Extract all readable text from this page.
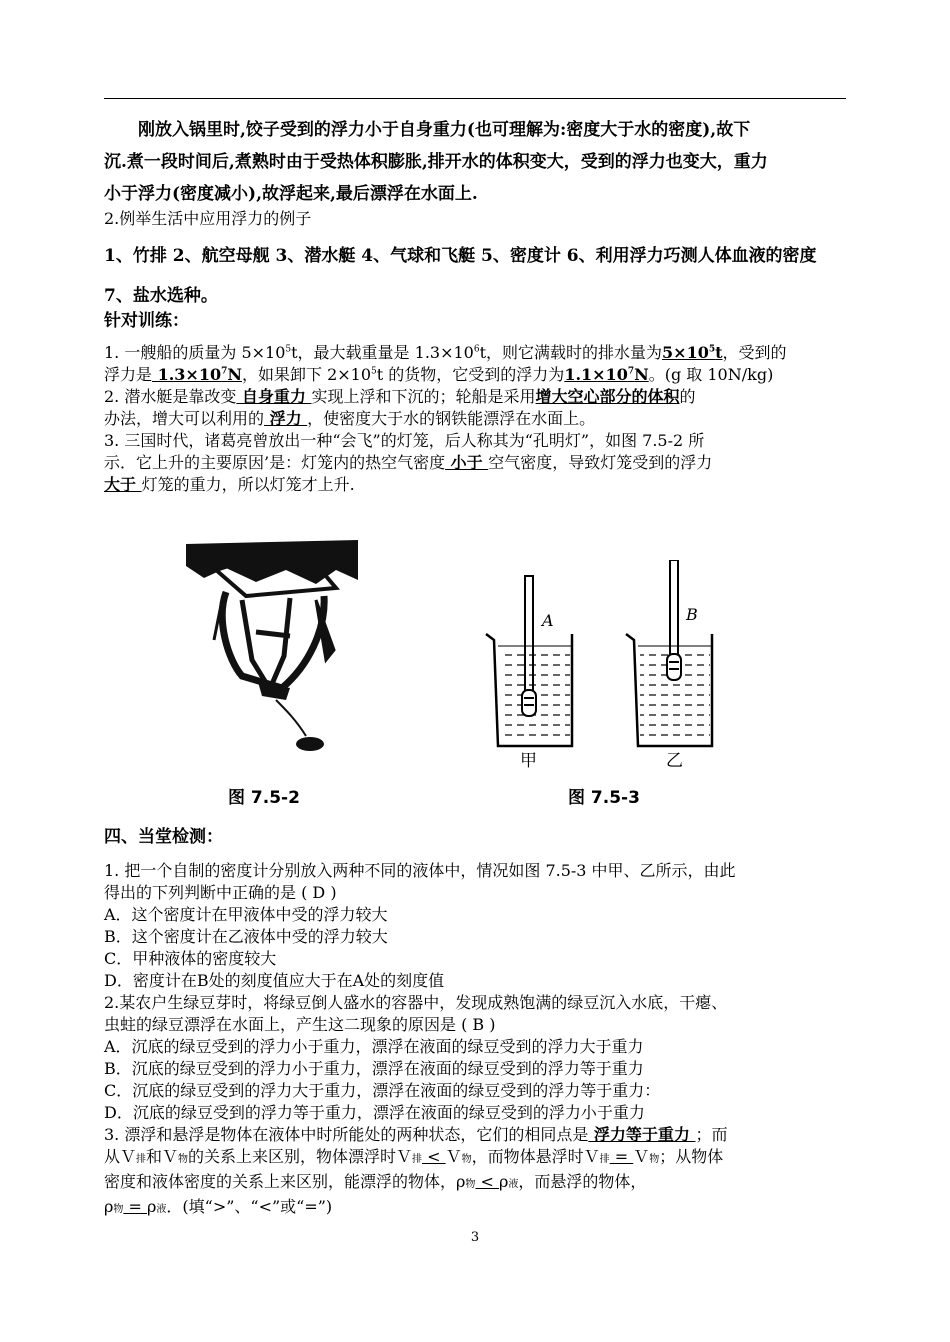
刚放入锅里时,饺子受到的浮力小于自身重力(也可理解为:密度大于水的密度),故下
沉.煮一段时间后,煮熟时由于受热体积膨胀,排开水的体积变大，受到的浮力也变大，重力
小于浮力(密度减小),故浮起来,最后漂浮在水面上.
2.例举生活中应用浮力的例子
1、竹排 2、航空母舰 3、潜水艇 4、气球和飞艇 5、密度计 6、利用浮力巧测人体血液的密度
7、盐水选种。
针对训练：
1. 一艘船的质量为 $5\times 10^5t$，最大载重量是 $1.3\times 10^6t$，则它满载时的排水量为$5\times 10^5t$，受到的
浮力是 $1.3\times 10^7N$，如果卸下 $2\times 10^5t$ 的货物，它受到的浮力为$1.1\times 10^7N$。(g 取 10N/kg)
2. 潜水艇是靠改变 自身重力 实现上浮和下沉的；轮船是采用增大空心部分的体积的
办法，增大可以利用的 浮力 ，使密度大于水的钢铁能漂浮在水面上。
3. 三国时代，诸葛亮曾放出一种“会飞”的灯笼，后人称其为“孔明灯”，如图 7.5-2 所
示．它上升的主要原因’是：灯笼内的热空气密度 小于 空气密度，导致灯笼受到的浮力
大于 灯笼的重力，所以灯笼才上升.
A	B
甲	乙
图 7.5-2	图 7.5-3
四、当堂检测：
1. 把一个自制的密度计分别放入两种不同的液体中，情况如图 7.5-3 中甲、乙所示，由此
得出的下列判断中正确的是 ( D )
A．这个密度计在甲液体中受的浮力较大
B．这个密度计在乙液体中受的浮力较大
C．甲种液体的密度较大
D．密度计在B处的刻度值应大于在A处的刻度值
2.某农户生绿豆芽时，将绿豆倒人盛水的容器中，发现成熟饱满的绿豆沉入水底，干瘪、
虫蛀的绿豆漂浮在水面上，产生这二现象的原因是 ( B )
A．沉底的绿豆受到的浮力小于重力，漂浮在液面的绿豆受到的浮力大于重力
B．沉底的绿豆受到的浮力小于重力，漂浮在液面的绿豆受到的浮力等于重力
C．沉底的绿豆受到的浮力大于重力，漂浮在液面的绿豆受到的浮力等于重力：
D．沉底的绿豆受到的浮力等于重力，漂浮在液面的绿豆受到的浮力小于重力
3. 漂浮和悬浮是物体在液体中时所能处的两种状态，它们的相同点是 浮力等于重力 ；而
从Ｖ排和Ｖ物的关系上来区别，物体漂浮时Ｖ排 < Ｖ物，而物体悬浮时Ｖ排 = Ｖ物；从物体
密度和液体密度的关系上来区别，能漂浮的物体，ρ物 < ρ液，而悬浮的物体，
ρ物 = ρ液．(填“>”、“<”或“=”)
3
